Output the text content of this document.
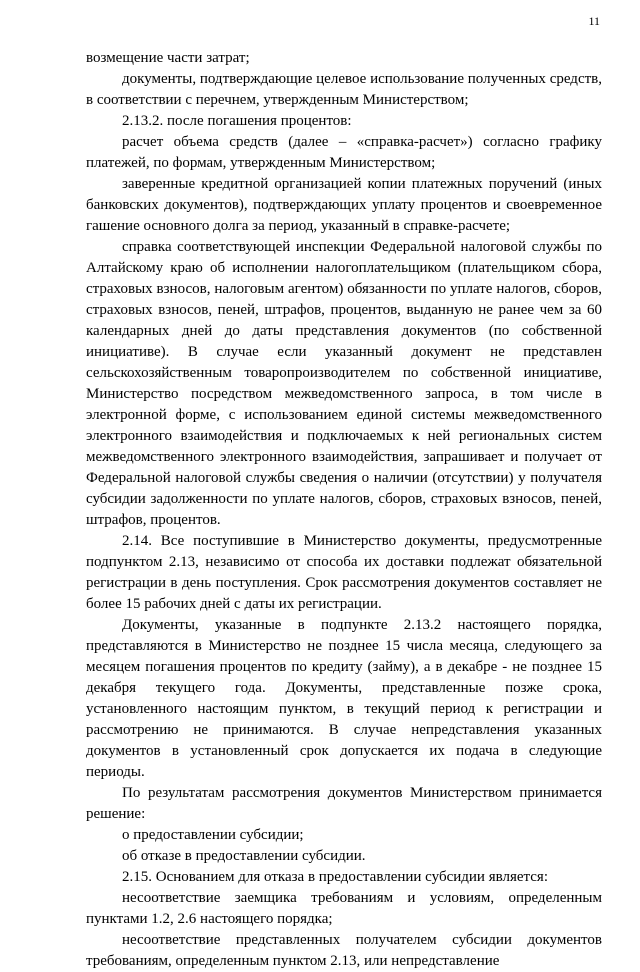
11

возмещение части затрат;

документы, подтверждающие целевое использование полученных средств, в соответствии с перечнем, утвержденным Министерством;

2.13.2. после погашения процентов:

расчет объема средств (далее – «справка-расчет») согласно графику платежей, по формам, утвержденным Министерством;

заверенные кредитной организацией копии платежных поручений (иных банковских документов), подтверждающих уплату процентов и своевременное гашение основного долга за период, указанный в справке-расчете;

справка соответствующей инспекции Федеральной налоговой службы по Алтайскому краю об исполнении налогоплательщиком (плательщиком сбора, страховых взносов, налоговым агентом) обязанности по уплате налогов, сборов, страховых взносов, пеней, штрафов, процентов, выданную не ранее чем за 60 календарных дней до даты представления документов (по собственной инициативе). В случае если указанный документ не представлен сельскохозяйственным товаропроизводителем по собственной инициативе, Министерство посредством межведомственного запроса, в том числе в электронной форме, с использованием единой системы межведомственного электронного взаимодействия и подключаемых к ней региональных систем межведомственного электронного взаимодействия, запрашивает и получает от Федеральной налоговой службы сведения о наличии (отсутствии) у получателя субсидии задолженности по уплате налогов, сборов, страховых взносов, пеней, штрафов, процентов.

2.14. Все поступившие в Министерство документы, предусмотренные подпунктом 2.13, независимо от способа их доставки подлежат обязательной регистрации в день поступления. Срок рассмотрения документов составляет не более 15 рабочих дней с даты их регистрации.

Документы, указанные в подпункте 2.13.2 настоящего порядка, представляются в Министерство не позднее 15 числа месяца, следующего за месяцем погашения процентов по кредиту (займу), а в декабре - не позднее 15 декабря текущего года. Документы, представленные позже срока, установленного настоящим пунктом, в текущий период к регистрации и рассмотрению не принимаются. В случае непредставления указанных документов в установленный срок допускается их подача в следующие периоды.

По результатам рассмотрения документов Министерством принимается решение:

о предоставлении субсидии;

об отказе в предоставлении субсидии.

2.15. Основанием для отказа в предоставлении субсидии является:

несоответствие заемщика требованиям и условиям, определенным пунктами 1.2, 2.6 настоящего порядка;

несоответствие представленных получателем субсидии документов требованиям, определенным пунктом 2.13, или непредставление
